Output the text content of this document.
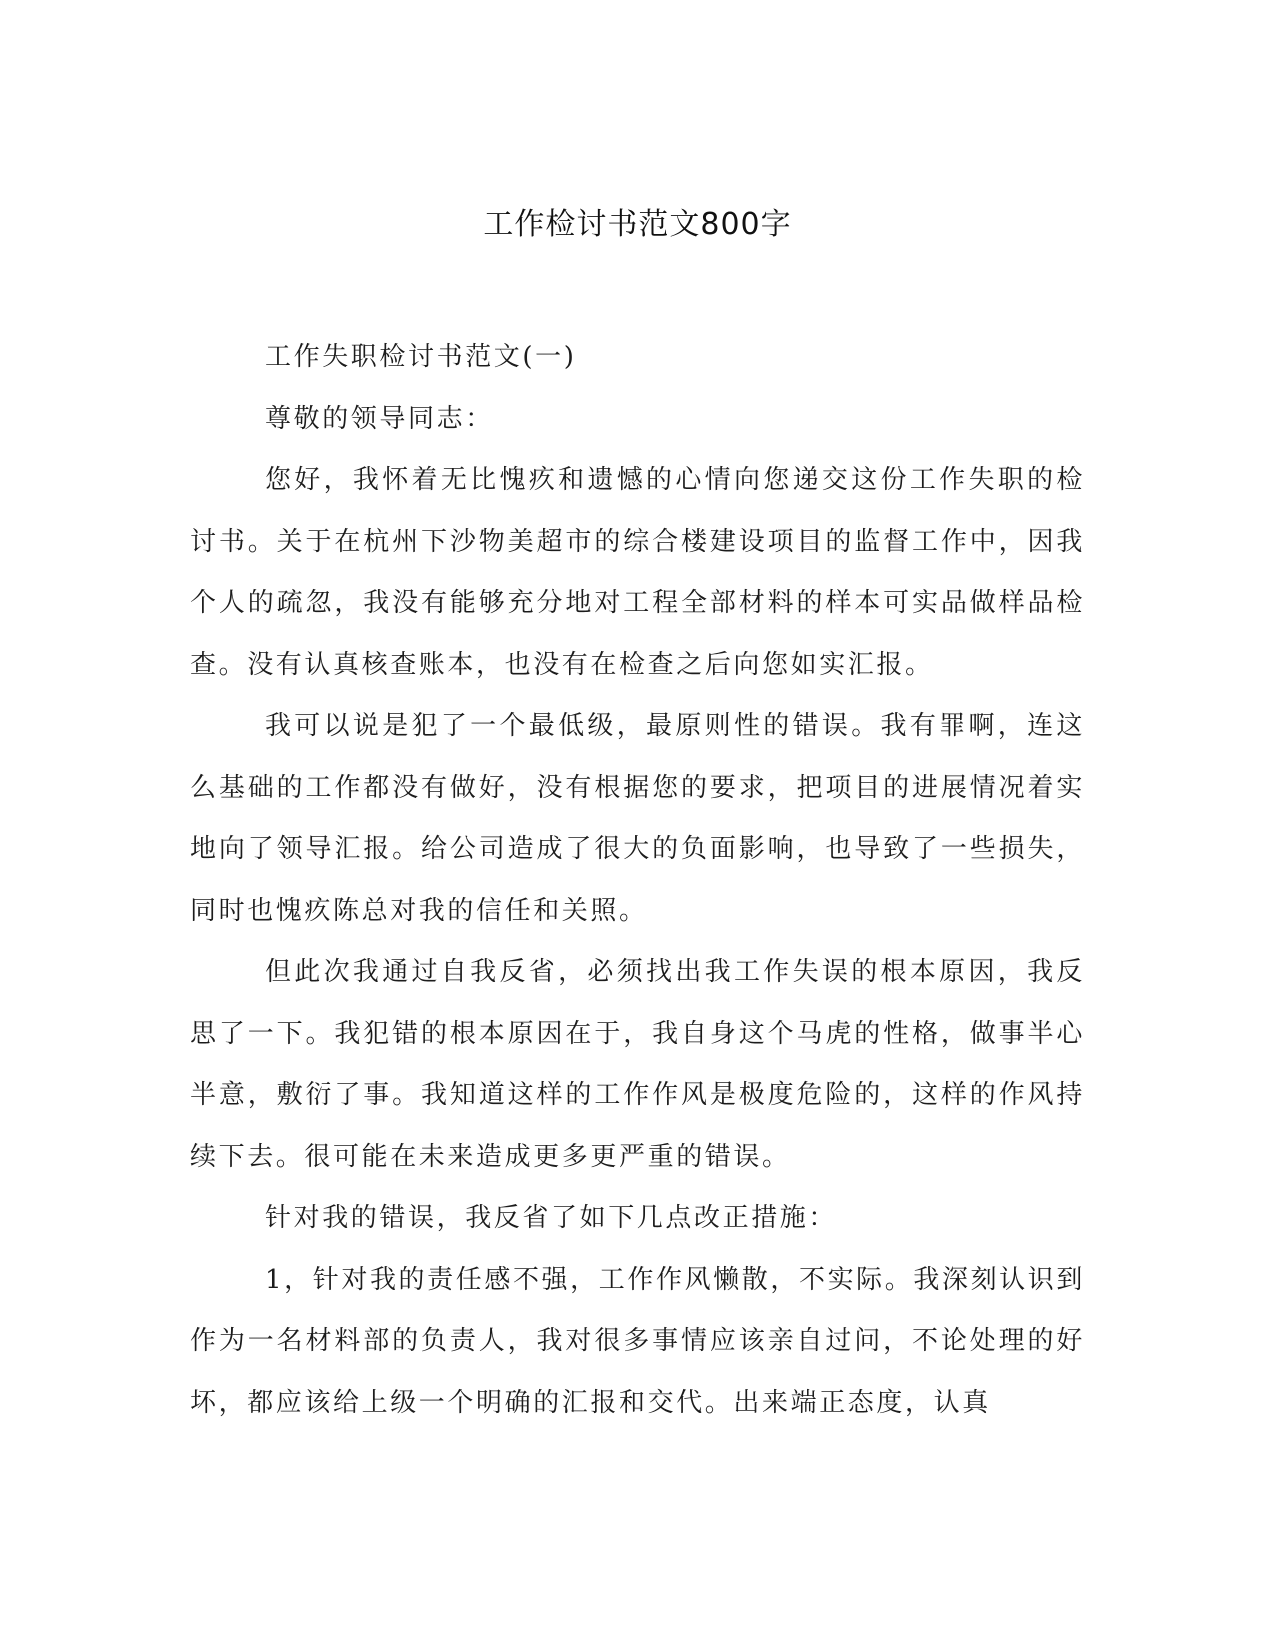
工作检讨书范文800字

工作失职检讨书范文(一)

尊敬的领导同志：

您好，我怀着无比愧疚和遗憾的心情向您递交这份工作失职的检讨书。关于在杭州下沙物美超市的综合楼建设项目的监督工作中，因我个人的疏忽，我没有能够充分地对工程全部材料的样本可实品做样品检查。没有认真核查账本，也没有在检查之后向您如实汇报。

我可以说是犯了一个最低级，最原则性的错误。我有罪啊，连这么基础的工作都没有做好，没有根据您的要求，把项目的进展情况着实地向了领导汇报。给公司造成了很大的负面影响，也导致了一些损失，同时也愧疚陈总对我的信任和关照。

但此次我通过自我反省，必须找出我工作失误的根本原因，我反思了一下。我犯错的根本原因在于，我自身这个马虎的性格，做事半心半意，敷衍了事。我知道这样的工作作风是极度危险的，这样的作风持续下去。很可能在未来造成更多更严重的错误。

针对我的错误，我反省了如下几点改正措施：

1，针对我的责任感不强，工作作风懒散，不实际。我深刻认识到作为一名材料部的负责人，我对很多事情应该亲自过问，不论处理的好坏，都应该给上级一个明确的汇报和交代。出来端正态度，认真
